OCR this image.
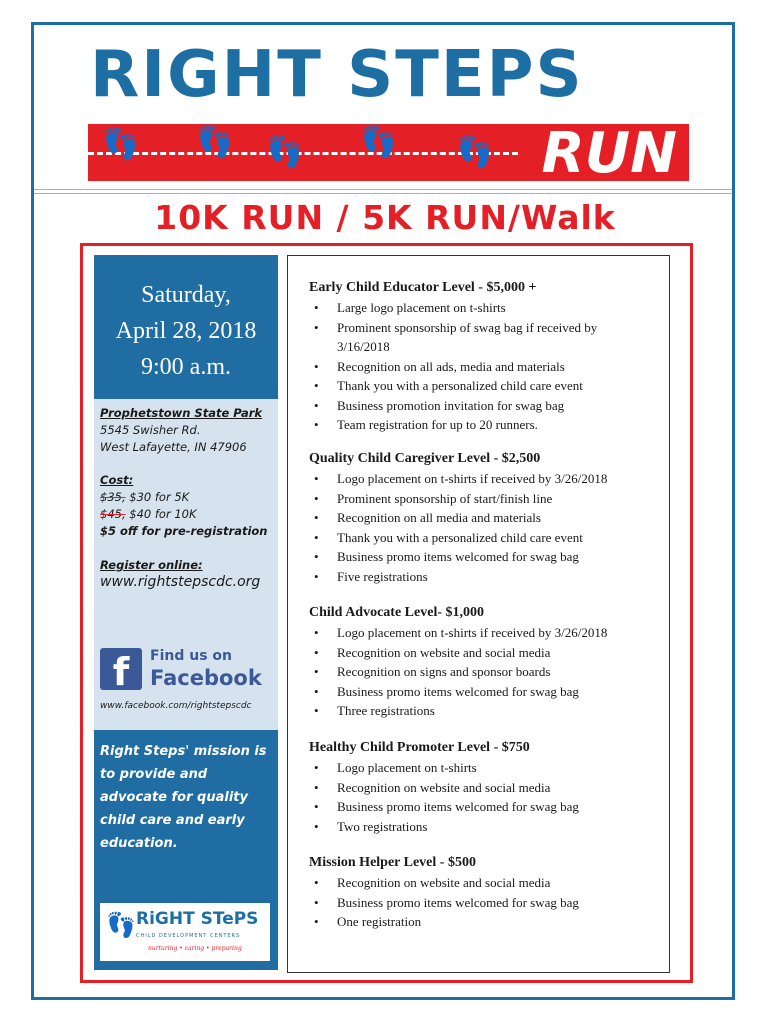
RIGHT STEPS
👣 👣 👣 👣 👣 RUN
10K RUN / 5K RUN/Walk
Saturday,
April 28, 2018
9:00 a.m.
Prophetstown State Park
5545 Swisher Rd.
West Lafayette, IN 47906
Cost:
$35, $30 for 5K
$45, $40 for 10K
$5 off for pre-registration
Register online:
www.rightstepscdc.org
f	Find us on
Facebook
www.facebook.com/rightstepscdc
Right Steps' mission is to provide and advocate for quality child care and early education.
👣 RiGHT STePS
CHILD DEVELOPMENT CENTERS
nurturing • caring • preparing
Early Child Educator Level - $5,000 +
• Large logo placement on t-shirts
• Prominent sponsorship of swag bag if received by 3/16/2018
• Recognition on all ads, media and materials
• Thank you with a personalized child care event
• Business promotion invitation for swag bag
• Team registration for up to 20 runners.
Quality Child Caregiver Level - $2,500
• Logo placement on t-shirts if received by 3/26/2018
• Prominent sponsorship of start/finish line
• Recognition on all media and materials
• Thank you with a personalized child care event
• Business promo items welcomed for swag bag
• Five registrations
Child Advocate Level- $1,000
• Logo placement on t-shirts if received by 3/26/2018
• Recognition on website and social media
• Recognition on signs and sponsor boards
• Business promo items welcomed for swag bag
• Three registrations
Healthy Child Promoter Level - $750
• Logo placement on t-shirts
• Recognition on website and social media
• Business promo items welcomed for swag bag
• Two registrations
Mission Helper Level - $500
• Recognition on website and social media
• Business promo items welcomed for swag bag
• One registration
